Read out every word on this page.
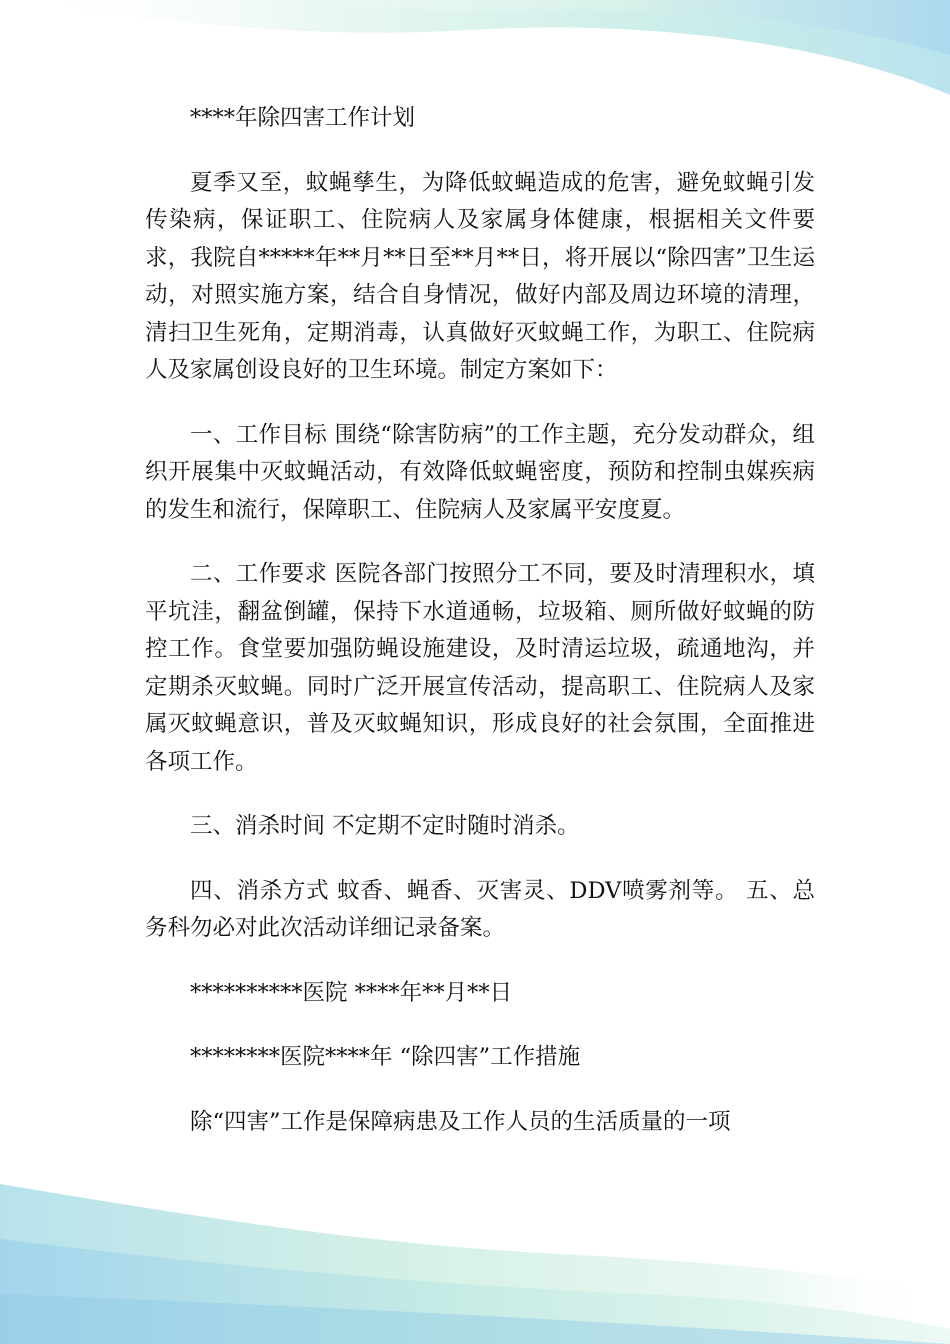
****年除四害工作计划

夏季又至，蚊蝇孳生，为降低蚊蝇造成的危害，避免蚊蝇引发传染病，保证职工、住院病人及家属身体健康，根据相关文件要求，我院自*****年**月**日至**月**日，将开展以“除四害”卫生运动，对照实施方案，结合自身情况，做好内部及周边环境的清理，清扫卫生死角，定期消毒，认真做好灭蚊蝇工作，为职工、住院病人及家属创设良好的卫生环境。制定方案如下：

一、工作目标 围绕“除害防病”的工作主题，充分发动群众，组织开展集中灭蚊蝇活动，有效降低蚊蝇密度，预防和控制虫媒疾病的发生和流行，保障职工、住院病人及家属平安度夏。

二、工作要求 医院各部门按照分工不同，要及时清理积水，填平坑洼，翻盆倒罐，保持下水道通畅，垃圾箱、厕所做好蚊蝇的防控工作。食堂要加强防蝇设施建设，及时清运垃圾，疏通地沟，并定期杀灭蚊蝇。同时广泛开展宣传活动，提高职工、住院病人及家属灭蚊蝇意识，普及灭蚊蝇知识，形成良好的社会氛围，全面推进各项工作。

三、消杀时间 不定期不定时随时消杀。

四、消杀方式 蚊香、蝇香、灭害灵、DDV喷雾剂等。 五、总务科勿必对此次活动详细记录备案。

**********医院 ****年**月**日

********医院****年 “除四害”工作措施

除“四害”工作是保障病患及工作人员的生活质量的一项
